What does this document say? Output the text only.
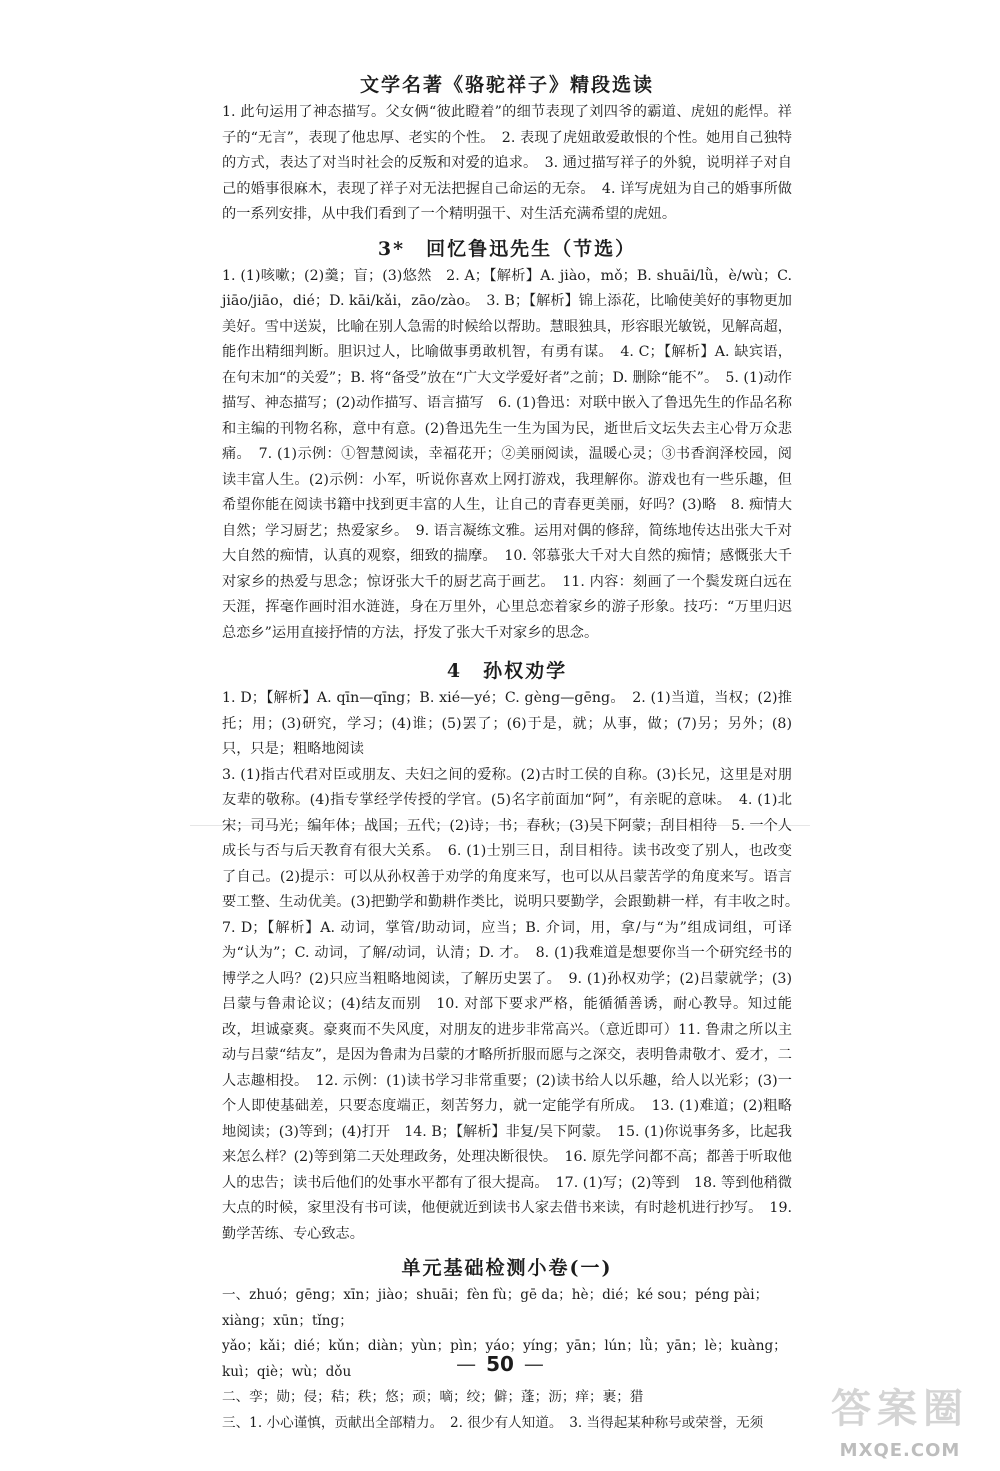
文学名著《骆驼祥子》精段选读

1. 此句运用了神态描写。父女俩“彼此瞪着”的细节表现了刘四爷的霸道、虎妞的彪悍。祥子的“无言”，表现了他忠厚、老实的个性。　2. 表现了虎妞敢爱敢恨的个性。她用自己独特的方式，表达了对当时社会的反叛和对爱的追求。　3. 通过描写祥子的外貌，说明祥子对自己的婚事很麻木，表现了祥子对无法把握自己命运的无奈。　4. 详写虎妞为自己的婚事所做的一系列安排，从中我们看到了一个精明强干、对生活充满希望的虎妞。

3*　回忆鲁迅先生（节选）

1. (1)咳嗽；(2)羹；盲；(3)悠然　2. A；【解析】A. jiào，mǒ；B. shuāi/lǜ，è/wù；C. jiāo/jiāo，dié；D. kāi/kǎi，zāo/zào。　3. B；【解析】锦上添花，比喻使美好的事物更加美好。雪中送炭，比喻在别人急需的时候给以帮助。慧眼独具，形容眼光敏锐，见解高超，能作出精细判断。胆识过人，比喻做事勇敢机智，有勇有谋。　4. C；【解析】A. 缺宾语，在句末加“的关爱”；B. 将“备受”放在“广大文学爱好者”之前；D. 删除“能不”。　5. (1)动作描写、神态描写；(2)动作描写、语言描写　6. (1)鲁迅：对联中嵌入了鲁迅先生的作品名称和主编的刊物名称，意中有意。(2)鲁迅先生一生为国为民，逝世后文坛失去主心骨万众悲痛。　7. (1)示例：①智慧阅读，幸福花开；②美丽阅读，温暖心灵；③书香润泽校园，阅读丰富人生。(2)示例：小军，听说你喜欢上网打游戏，我理解你。游戏也有一些乐趣，但希望你能在阅读书籍中找到更丰富的人生，让自己的青春更美丽，好吗？(3)略　8. 痴情大自然；学习厨艺；热爱家乡。　9. 语言凝练文雅。运用对偶的修辞，简练地传达出张大千对大自然的痴情，认真的观察，细致的揣摩。　10. 邻慕张大千对大自然的痴情；感慨张大千对家乡的热爱与思念；惊讶张大千的厨艺高于画艺。　11. 内容：刻画了一个鬓发斑白远在天涯，挥毫作画时泪水涟涟，身在万里外，心里总恋着家乡的游子形象。技巧：“万里归迟总恋乡”运用直接抒情的方法，抒发了张大千对家乡的思念。

4　孙权劝学

1. D；【解析】A. qīn—qīng；B. xié—yé；C. gèng—gēng。　2. (1)当道，当权；(2)推托；用；(3)研究，学习；(4)谁；(5)罢了；(6)于是，就；从事，做；(7)另；另外；(8)只，只是；粗略地阅读

3. (1)指古代君对臣或朋友、夫妇之间的爱称。(2)古时工侯的自称。(3)长兄，这里是对朋友辈的敬称。(4)指专掌经学传授的学官。(5)名字前面加“阿”，有亲昵的意味。　4. (1)北宋；司马光；编年体；战国；五代；(2)诗；书；春秋；(3)吴下阿蒙；刮目相待　5. 一个人成长与否与后天教育有很大关系。　6. (1)士别三日，刮目相待。读书改变了别人，也改变了自己。(2)提示：可以从孙权善于劝学的角度来写，也可以从吕蒙苦学的角度来写。语言要工整、生动优美。(3)把勤学和勤耕作类比，说明只要勤学，会跟勤耕一样，有丰收之时。　7. D；【解析】A. 动词，掌管/助动词，应当；B. 介词，用，拿/与“为”组成词组，可译为“认为”；C. 动词，了解/动词，认清；D. 才。　8. (1)我难道是想要你当一个研究经书的博学之人吗？(2)只应当粗略地阅读，了解历史罢了。　9. (1)孙权劝学；(2)吕蒙就学；(3)吕蒙与鲁肃论议；(4)结友而别　10. 对部下要求严格，能循循善诱，耐心教导。知过能改，坦诚豪爽。豪爽而不失风度，对朋友的进步非常高兴。（意近即可）11. 鲁肃之所以主动与吕蒙“结友”，是因为鲁肃为吕蒙的才略所折服而愿与之深交，表明鲁肃敬才、爱才，二人志趣相投。　12. 示例：(1)读书学习非常重要；(2)读书给人以乐趣，给人以光彩；(3)一个人即使基础差，只要态度端正，刻苦努力，就一定能学有所成。　13. (1)难道；(2)粗略地阅读；(3)等到；(4)打开　14. B；【解析】非复/吴下阿蒙。　15. (1)你说事务多，比起我来怎么样？(2)等到第二天处理政务，处理决断很快。　16. 原先学问都不高；都善于听取他人的忠告；读书后他们的处事水平都有了很大提高。　17. (1)写；(2)等到　18. 等到他稍微大点的时候，家里没有书可读，他便就近到读书人家去借书来读，有时趁机进行抄写。　19. 勤学苦练、专心致志。

单元基础检测小卷(一)

一、zhuó；gēng；xīn；jiào；shuāi；fèn fù；gē da；hè；dié；ké sou；péng pài；xiàng；xūn；tǐng；

yǎo；kǎi；dié；kǔn；diàn；yùn；pìn；yáo；yíng；yān；lún；lǜ；yān；lè；kuàng；kuì；qiè；wù；dǒu

二、孪；勋；侵；秸；秩；悠；顽；嘀；绞；僻；蓬；沥；痒；裹；猎

三、1. 小心谨慎，贡献出全部精力。　2. 很少有人知道。　3. 当得起某种称号或荣誉，无须

— 50 —
答案圈
MXQE.COM
